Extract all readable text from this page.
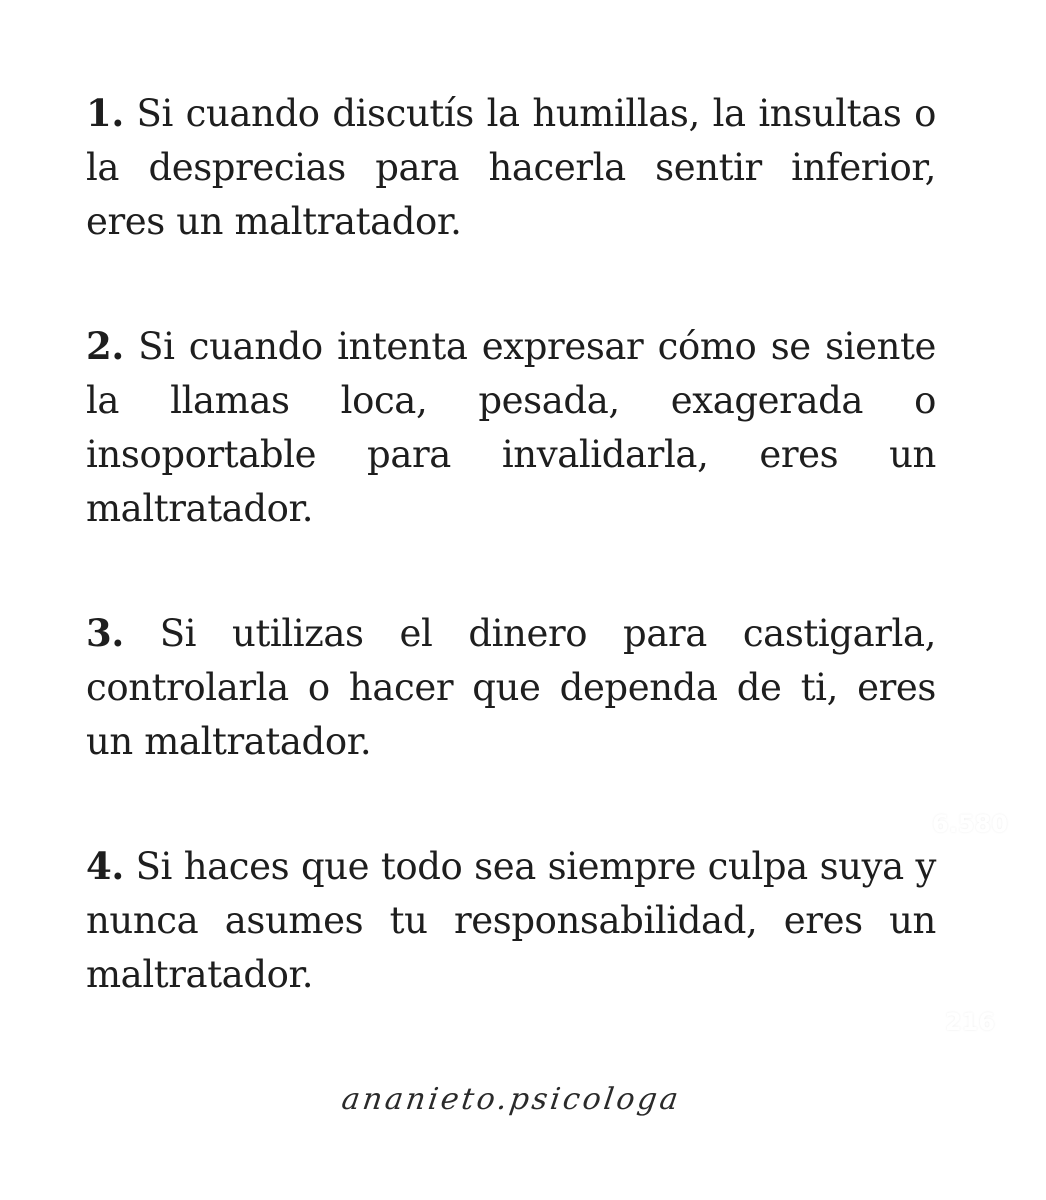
1. Si cuando discutís la humillas, la insultas o la desprecias para hacerla sentir inferior, eres un maltratador.

2. Si cuando intenta expresar cómo se siente la llamas loca, pesada, exagerada o insoportable para invalidarla, eres un maltratador.

3. Si utilizas el dinero para castigarla, controlarla o hacer que dependa de ti, eres un maltratador.

4. Si haces que todo sea siempre culpa suya y nunca asumes tu responsabilidad, eres un maltratador.

ananieto.psicologa
6.580
216
